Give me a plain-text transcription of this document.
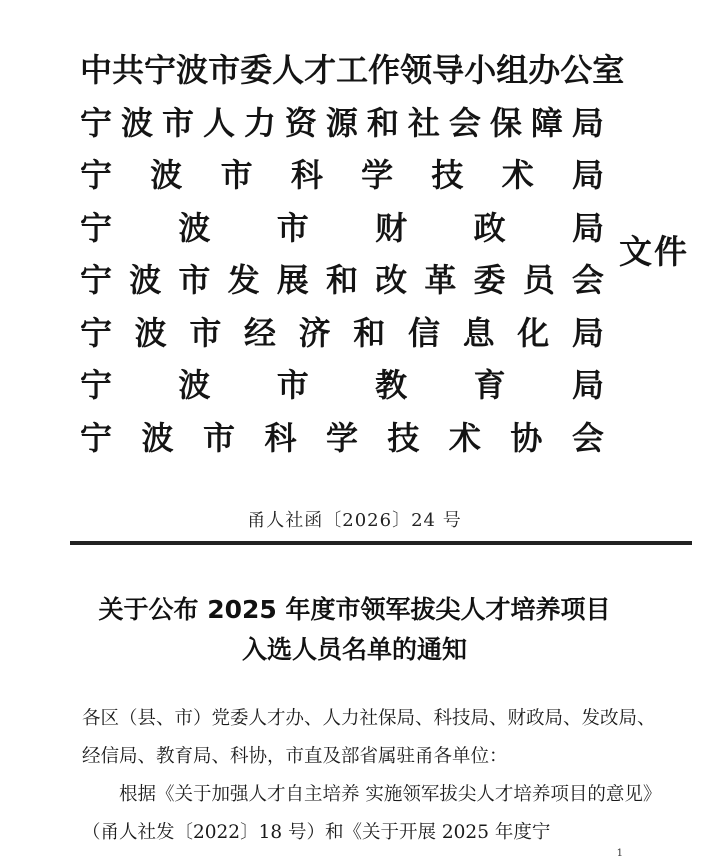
中 共 宁 波 市 委 人 才 工 作 领 导 小 组 办 公 室
宁 波 市 人 力 资 源 和 社 会 保 障 局
宁 波 市 科 学 技 术 局
宁 波 市 财 政 局
宁 波 市 发 展 和 改 革 委 员 会
宁 波 市 经 济 和 信 息 化 局
宁 波 市 教 育 局
宁 波 市 科 学 技 术 协 会
文件
甬人社函〔2026〕24 号
关于公布 2025 年度市领军拔尖人才培养项目
入选人员名单的通知

各区（县、市）党委人才办、人力社保局、科技局、财政局、发改局、经信局、教育局、科协，市直及部省属驻甬各单位：

根据《关于加强人才自主培养 实施领军拔尖人才培养项目的意见》（甬人社发〔2022〕18 号）和《关于开展 2025 年度宁

1
